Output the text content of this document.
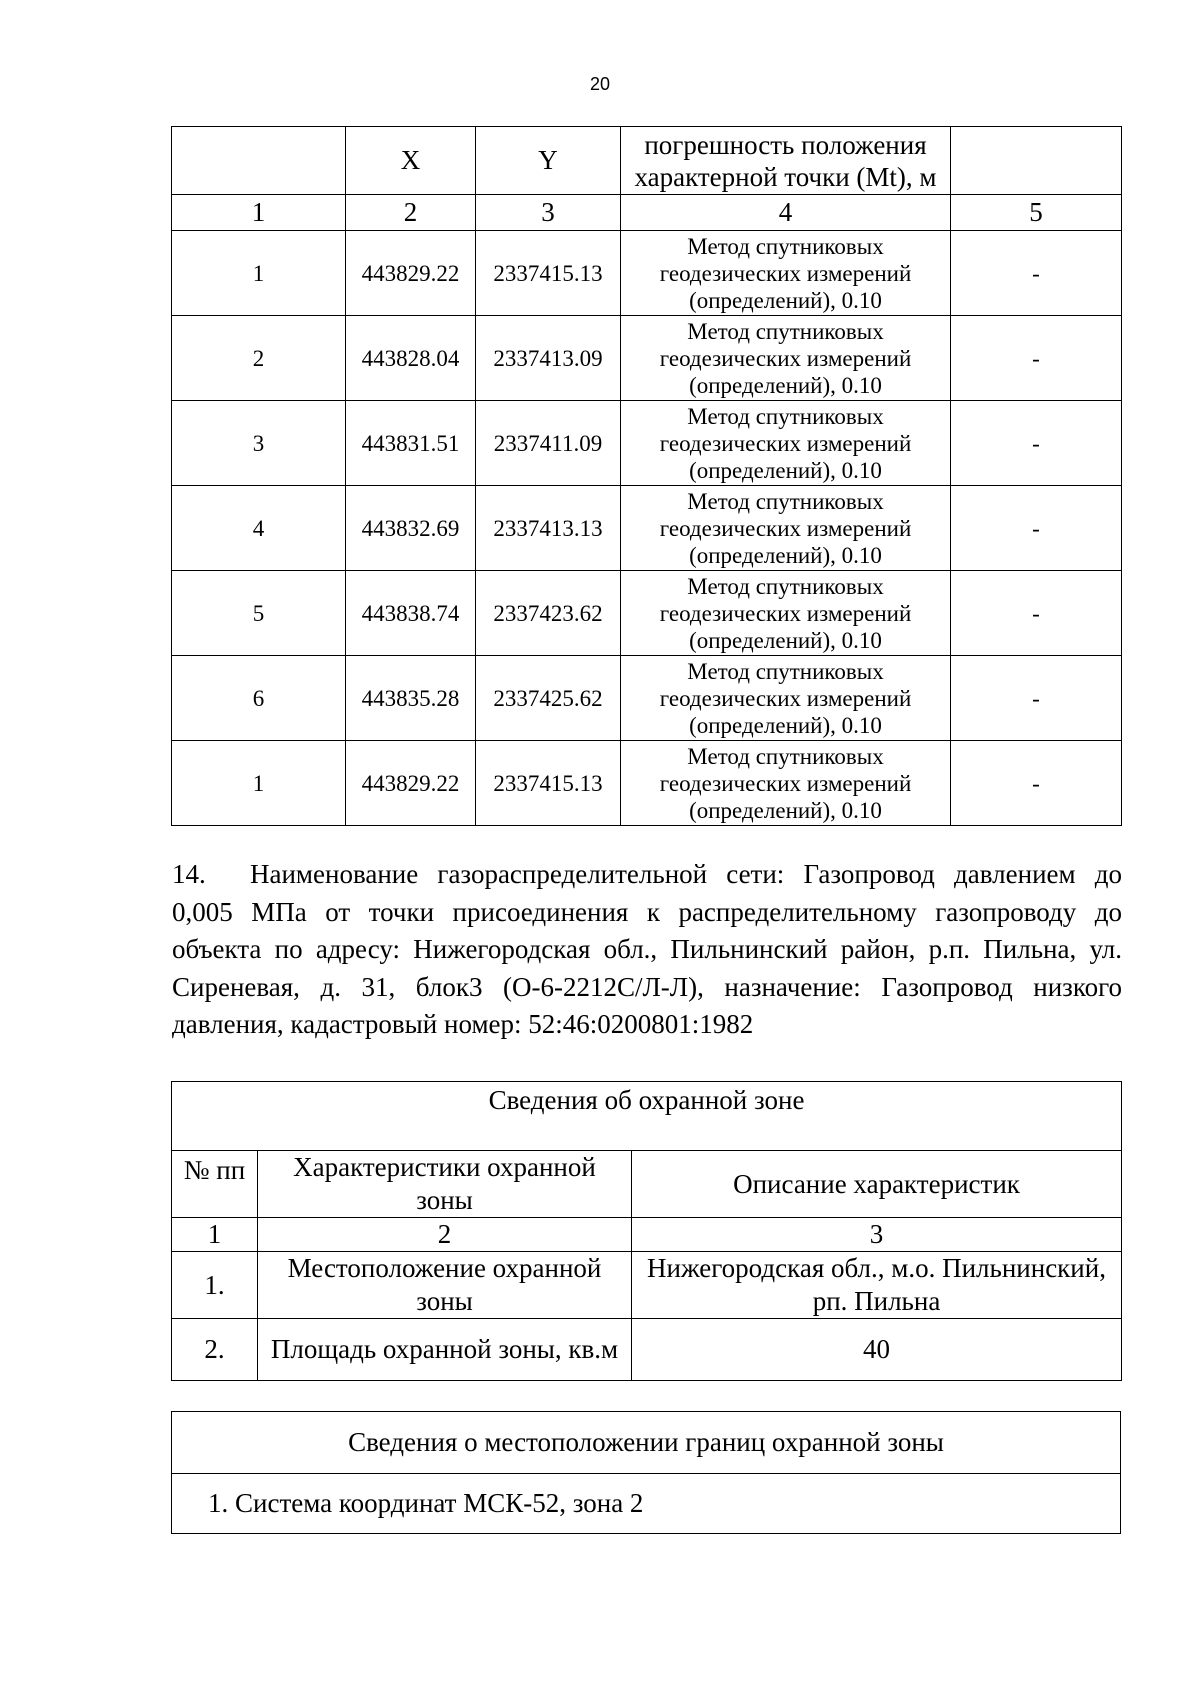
20
	X	Y	погрешность положения характерной точки (Mt), м	
1	2	3	4	5
1	443829.22	2337415.13	Метод спутниковых геодезических измерений (определений), 0.10	-
2	443828.04	2337413.09	Метод спутниковых геодезических измерений (определений), 0.10	-
3	443831.51	2337411.09	Метод спутниковых геодезических измерений (определений), 0.10	-
4	443832.69	2337413.13	Метод спутниковых геодезических измерений (определений), 0.10	-
5	443838.74	2337423.62	Метод спутниковых геодезических измерений (определений), 0.10	-
6	443835.28	2337425.62	Метод спутниковых геодезических измерений (определений), 0.10	-
1	443829.22	2337415.13	Метод спутниковых геодезических измерений (определений), 0.10	-

14. Наименование газораспределительной сети: Газопровод давлением до 0,005 МПа от точки присоединения к распределительному газопроводу до объекта по адресу: Нижегородская обл., Пильнинский район, р.п. Пильна, ул. Сиреневая, д. 31, блок3 (О-6-2212С/Л-Л), назначение: Газопровод низкого давления, кадастровый номер: 52:46:0200801:1982

Сведения об охранной зоне		
№ пп	Характеристики охранной зоны	Описание характеристик
1	2	3
1.	Местоположение охранной зоны	Нижегородская обл., м.о. Пильнинский, рп. Пильна
2.	Площадь охранной зоны, кв.м	40
Сведения о местоположении границ охранной зоны
1. Система координат МСК-52, зона 2
